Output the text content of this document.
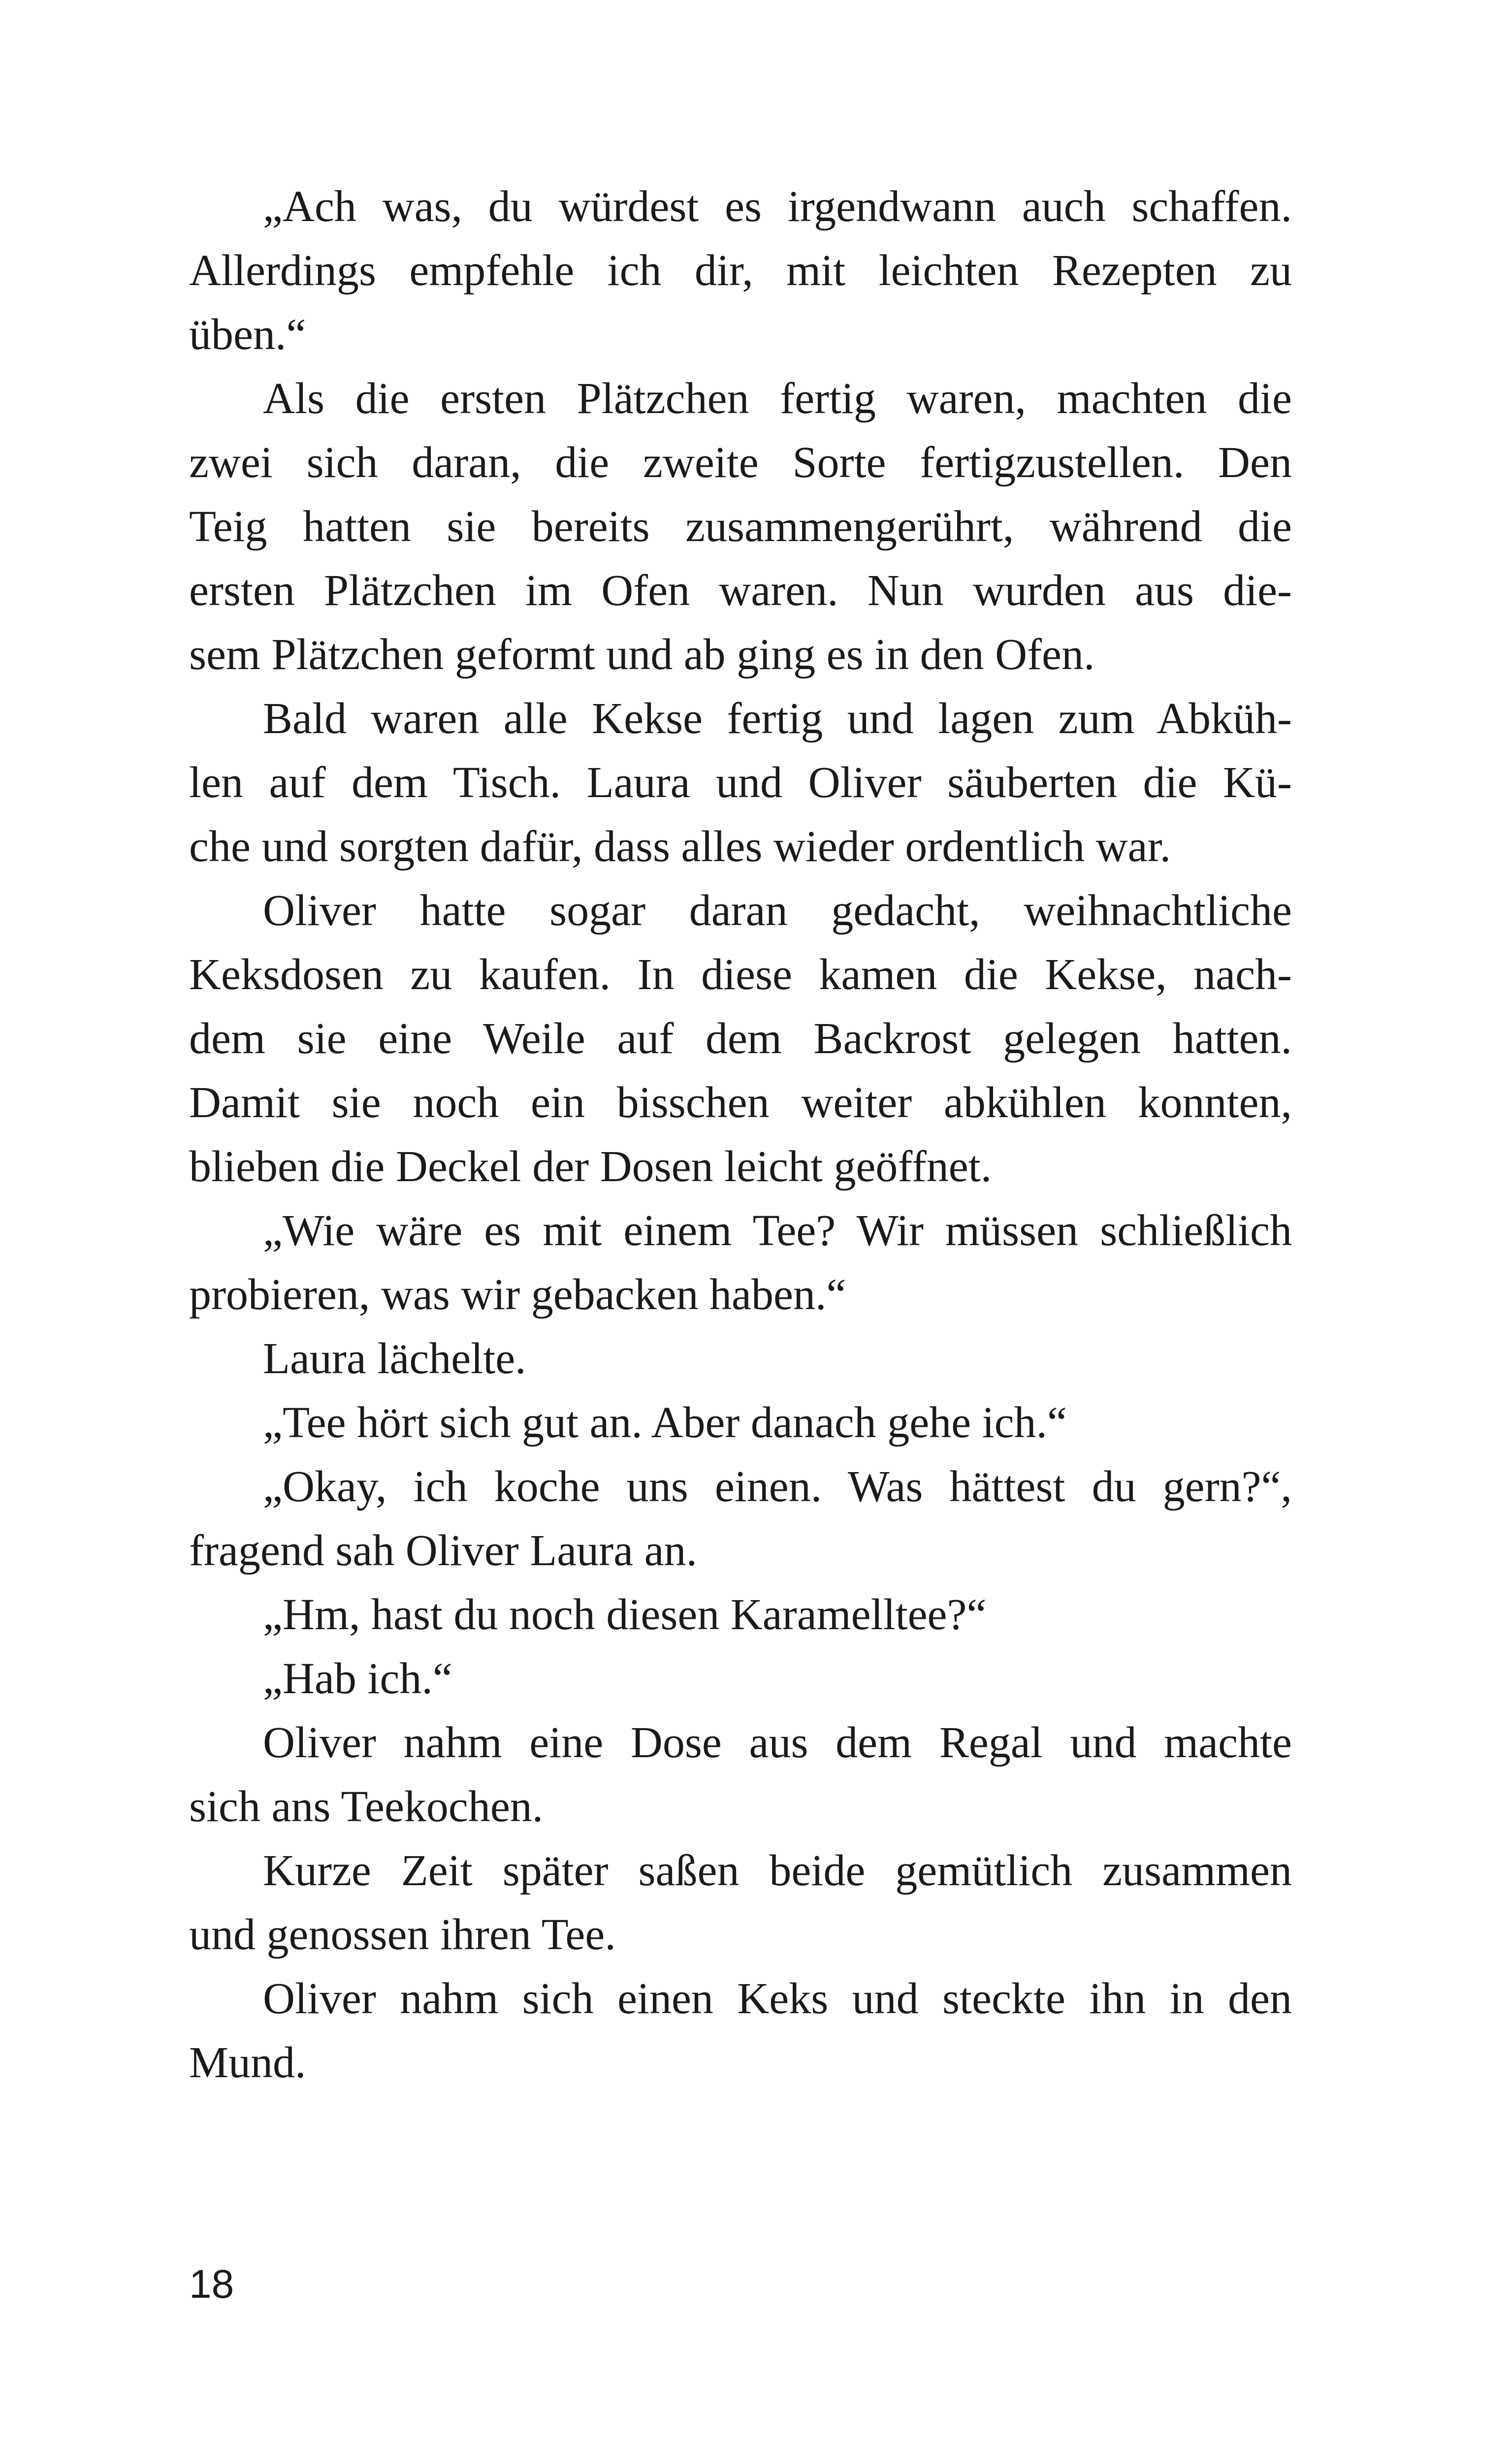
„Ach was, du würdest es irgendwann auch schaffen.
Allerdings empfehle ich dir, mit leichten Rezepten zu
üben.“
Als die ersten Plätzchen fertig waren, machten die
zwei sich daran, die zweite Sorte fertigzustellen. Den
Teig hatten sie bereits zusammengerührt, während die
ersten Plätzchen im Ofen waren. Nun wurden aus die-
sem Plätzchen geformt und ab ging es in den Ofen.
Bald waren alle Kekse fertig und lagen zum Abküh-
len auf dem Tisch. Laura und Oliver säuberten die Kü-
che und sorgten dafür, dass alles wieder ordentlich war.
Oliver hatte sogar daran gedacht, weihnachtliche
Keksdosen zu kaufen. In diese kamen die Kekse, nach-
dem sie eine Weile auf dem Backrost gelegen hatten.
Damit sie noch ein bisschen weiter abkühlen konnten,
blieben die Deckel der Dosen leicht geöffnet.
„Wie wäre es mit einem Tee? Wir müssen schließlich
probieren, was wir gebacken haben.“
Laura lächelte.
„Tee hört sich gut an. Aber danach gehe ich.“
„Okay, ich koche uns einen. Was hättest du gern?“,
fragend sah Oliver Laura an.
„Hm, hast du noch diesen Karamelltee?“
„Hab ich.“
Oliver nahm eine Dose aus dem Regal und machte
sich ans Teekochen.
Kurze Zeit später saßen beide gemütlich zusammen
und genossen ihren Tee.
Oliver nahm sich einen Keks und steckte ihn in den
Mund.
18
